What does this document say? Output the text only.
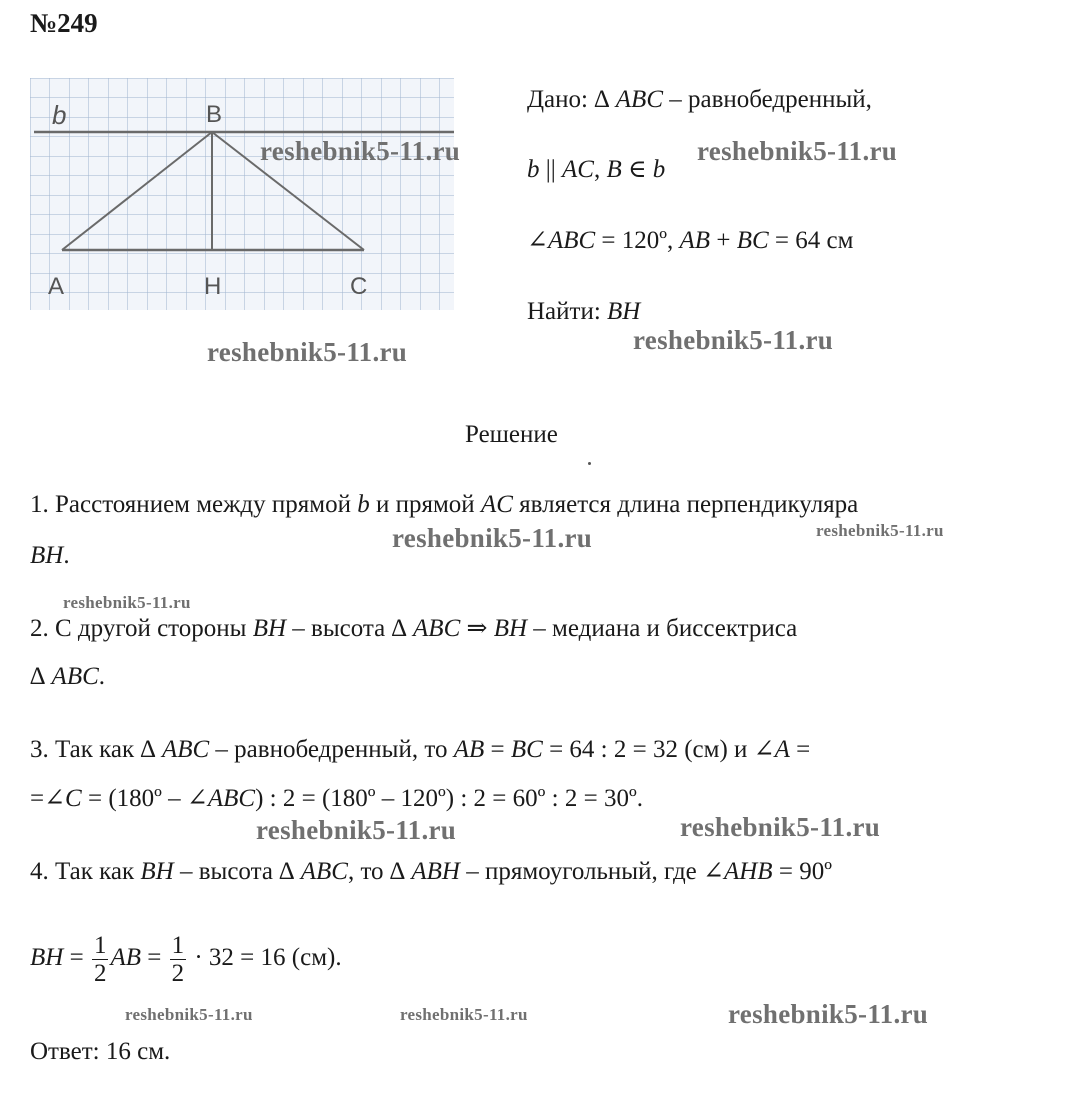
№249
b	B
A	H	C
Дано: ∆ ABC – равнобедренный,
b || AC, B ∈ b
∠ABC = 120º, AB + BC = 64 см
Найти: BH
Решение
1. Расстоянием между прямой b и прямой AC является длина перпендикуляра
BH.
2. С другой стороны BH – высота ∆ ABC ⇒ BH – медиана и биссектриса
∆ ABC.
3. Так как ∆ ABC – равнобедренный, то AB = BC = 64 : 2 = 32 (см) и ∠A =
=∠C = (180º – ∠ABC) : 2 = (180º – 120º) : 2 = 60º : 2 = 30º.
4. Так как BH – высота ∆ ABC, то ∆ ABH – прямоугольный, где ∠AHB = 90º
BH = $\frac{1}{2}$ AB = $\frac{1}{2} \cdot 32 = 16$ (см).
Ответ: 16 см.
reshebnik5-11.ru	reshebnik5-11.ru
reshebnik5-11.ru	reshebnik5-11.ru
reshebnik5-11.ru	reshebnik5-11.ru
reshebnik5-11.ru
reshebnik5-11.ru	reshebnik5-11.ru
reshebnik5-11.ru	reshebnik5-11.ru	reshebnik5-11.ru
